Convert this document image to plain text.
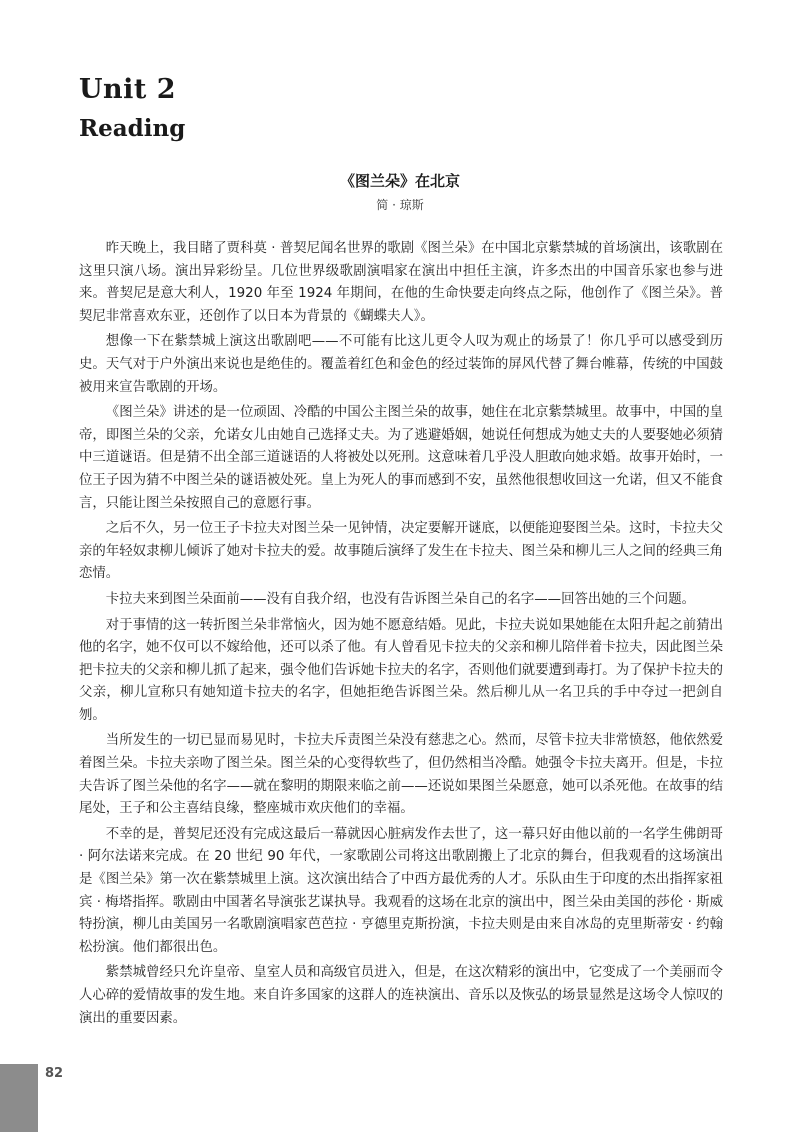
Unit 2
Reading
《图兰朵》在北京
简 · 琼斯

昨天晚上，我目睹了贾科莫 · 普契尼闻名世界的歌剧《图兰朵》在中国北京紫禁城的首场演出，该歌剧在这里只演八场。演出异彩纷呈。几位世界级歌剧演唱家在演出中担任主演，许多杰出的中国音乐家也参与进来。普契尼是意大利人，1920 年至 1924 年期间，在他的生命快要走向终点之际，他创作了《图兰朵》。普契尼非常喜欢东亚，还创作了以日本为背景的《蝴蝶夫人》。

想像一下在紫禁城上演这出歌剧吧——不可能有比这儿更令人叹为观止的场景了！你几乎可以感受到历史。天气对于户外演出来说也是绝佳的。覆盖着红色和金色的经过装饰的屏风代替了舞台帷幕，传统的中国鼓被用来宣告歌剧的开场。

《图兰朵》讲述的是一位顽固、冷酷的中国公主图兰朵的故事，她住在北京紫禁城里。故事中，中国的皇帝，即图兰朵的父亲，允诺女儿由她自己选择丈夫。为了逃避婚姻，她说任何想成为她丈夫的人要娶她必须猜中三道谜语。但是猜不出全部三道谜语的人将被处以死刑。这意味着几乎没人胆敢向她求婚。故事开始时，一位王子因为猜不中图兰朵的谜语被处死。皇上为死人的事而感到不安，虽然他很想收回这一允诺，但又不能食言，只能让图兰朵按照自己的意愿行事。

之后不久，另一位王子卡拉夫对图兰朵一见钟情，决定要解开谜底，以便能迎娶图兰朵。这时，卡拉夫父亲的年轻奴隶柳儿倾诉了她对卡拉夫的爱。故事随后演绎了发生在卡拉夫、图兰朵和柳儿三人之间的经典三角恋情。

卡拉夫来到图兰朵面前——没有自我介绍，也没有告诉图兰朵自己的名字——回答出她的三个问题。

对于事情的这一转折图兰朵非常恼火，因为她不愿意结婚。见此，卡拉夫说如果她能在太阳升起之前猜出他的名字，她不仅可以不嫁给他，还可以杀了他。有人曾看见卡拉夫的父亲和柳儿陪伴着卡拉夫，因此图兰朵把卡拉夫的父亲和柳儿抓了起来，强令他们告诉她卡拉夫的名字，否则他们就要遭到毒打。为了保护卡拉夫的父亲，柳儿宣称只有她知道卡拉夫的名字，但她拒绝告诉图兰朵。然后柳儿从一名卫兵的手中夺过一把剑自刎。

当所发生的一切已显而易见时，卡拉夫斥责图兰朵没有慈悲之心。然而，尽管卡拉夫非常愤怒，他依然爱着图兰朵。卡拉夫亲吻了图兰朵。图兰朵的心变得软些了，但仍然相当冷酷。她强令卡拉夫离开。但是，卡拉夫告诉了图兰朵他的名字——就在黎明的期限来临之前——还说如果图兰朵愿意，她可以杀死他。在故事的结尾处，王子和公主喜结良缘，整座城市欢庆他们的幸福。

不幸的是，普契尼还没有完成这最后一幕就因心脏病发作去世了，这一幕只好由他以前的一名学生佛朗哥 · 阿尔法诺来完成。在 20 世纪 90 年代，一家歌剧公司将这出歌剧搬上了北京的舞台，但我观看的这场演出是《图兰朵》第一次在紫禁城里上演。这次演出结合了中西方最优秀的人才。乐队由生于印度的杰出指挥家祖宾 · 梅塔指挥。歌剧由中国著名导演张艺谋执导。我观看的这场在北京的演出中，图兰朵由美国的莎伦 · 斯威特扮演，柳儿由美国另一名歌剧演唱家芭芭拉 · 亨德里克斯扮演，卡拉夫则是由来自冰岛的克里斯蒂安 · 约翰松扮演。他们都很出色。

紫禁城曾经只允许皇帝、皇室人员和高级官员进入，但是，在这次精彩的演出中，它变成了一个美丽而令人心碎的爱情故事的发生地。来自许多国家的这群人的连袂演出、音乐以及恢弘的场景显然是这场令人惊叹的演出的重要因素。

82
